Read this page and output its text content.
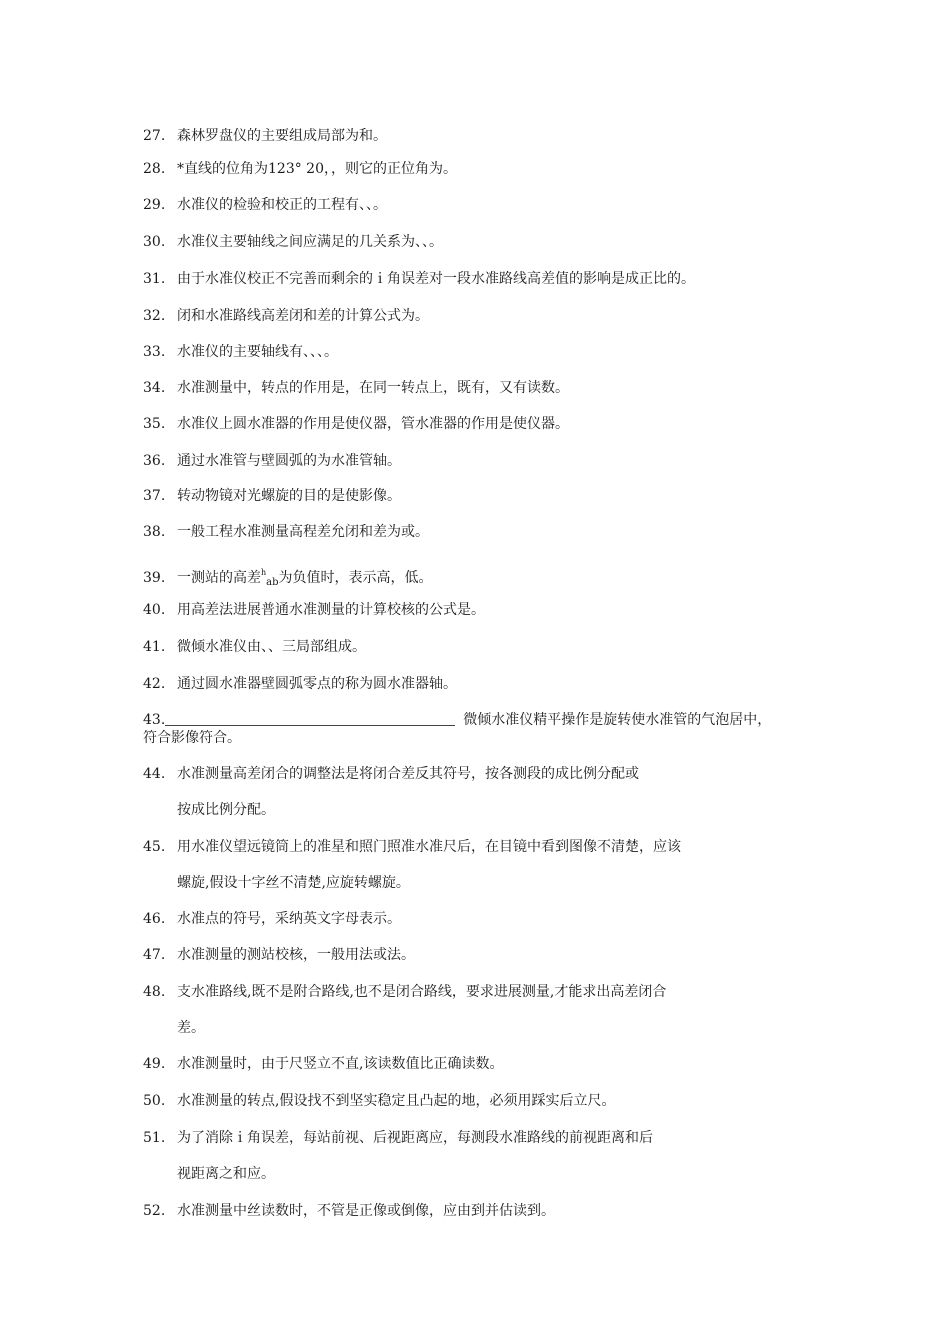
27. 森林罗盘仪的主要组成局部为和。
28. *直线的位角为123° 20，，则它的正位角为。
29. 水准仪的检验和校正的工程有、、。
30. 水准仪主要轴线之间应满足的几关系为、、。
31. 由于水准仪校正不完善而剩余的ｉ角误差对一段水准路线高差值的影响是成正比的。
32. 闭和水准路线高差闭和差的计算公式为。
33. 水准仪的主要轴线有、、、。
34. 水准测量中，转点的作用是，在同一转点上，既有，又有读数。
35. 水准仪上圆水准器的作用是使仪器，管水准器的作用是使仪器。
36. 通过水准管与壁圆弧的为水准管轴。
37. 转动物镜对光螺旋的目的是使影像。
38. 一般工程水准测量高程差允闭和差为或。
39. 一测站的高差$^h_{ab}$为负值时，表示高，低。
40. 用高差法进展普通水准测量的计算校核的公式是。
41. 微倾水准仪由、、三局部组成。
42. 通过圆水准器壁圆弧零点的称为圆水准器轴。
43.	微倾水准仪精平操作是旋转使水准管的气泡居中，
符合影像符合。
44. 水准测量高差闭合的调整法是将闭合差反其符号，按各测段的成比例分配或
按成比例分配。
45. 用水准仪望远镜筒上的准星和照门照准水准尺后，在目镜中看到图像不清楚，应该
螺旋,假设十字丝不清楚,应旋转螺旋。
46. 水准点的符号，采纳英文字母表示。
47. 水准测量的测站校核，一般用法或法。
48. 支水准路线,既不是附合路线,也不是闭合路线，要求进展测量,才能求出高差闭合
差。
49. 水准测量时，由于尺竖立不直,该读数值比正确读数。
50. 水准测量的转点,假设找不到坚实稳定且凸起的地，必须用踩实后立尺。
51. 为了消除ｉ角误差，每站前视、后视距离应，每测段水准路线的前视距离和后
视距离之和应。
52. 水准测量中丝读数时，不管是正像或倒像，应由到并估读到。
